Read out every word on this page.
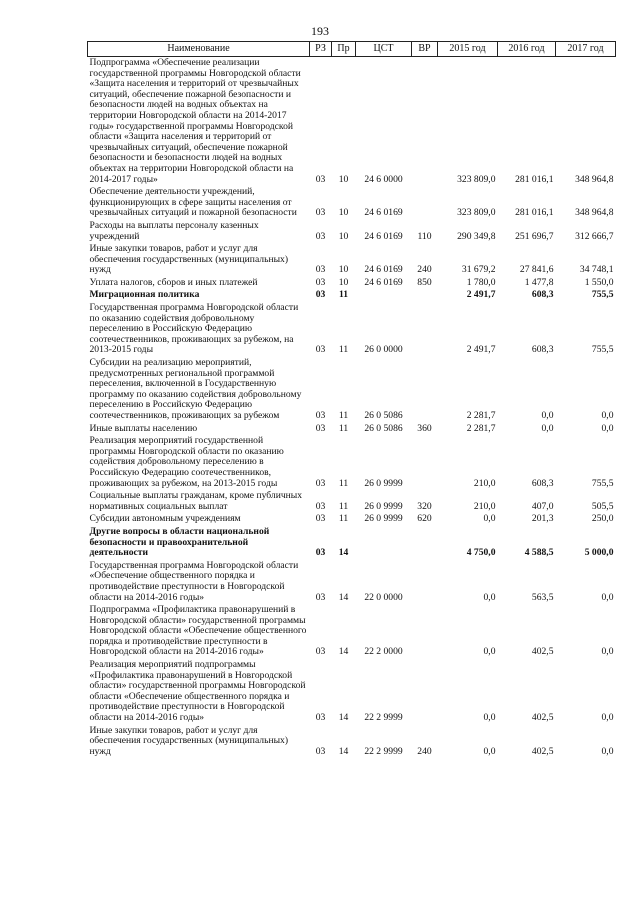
193
Наименование	РЗ	Пр	ЦСТ	ВР	2015 год	2016 год	2017 год
Подпрограмма «Обеспечение реализации государственной программы Новгородской области «Защита населения и территорий от чрезвычайных ситуаций, обеспечение пожарной безопасности и безопасности людей на водных объектах на территории Новгородской области на 2014-2017 годы» государственной программы Новгородской области «Защита населения и территорий от чрезвычайных ситуаций, обеспечение пожарной безопасности и безопасности людей на водных объектах на территории Новгородской области на 2014-2017 годы»	03	10	24 6 0000		323 809,0	281 016,1	348 964,8
Обеспечение деятельности учреждений, функционирующих в сфере защиты населения от чрезвычайных ситуаций и пожарной безопасности	03	10	24 6 0169		323 809,0	281 016,1	348 964,8
Расходы на выплаты персоналу казенных учреждений	03	10	24 6 0169	110	290 349,8	251 696,7	312 666,7
Иные закупки товаров, работ и услуг для обеспечения государственных (муниципальных) нужд	03	10	24 6 0169	240	31 679,2	27 841,6	34 748,1
Уплата налогов, сборов и иных платежей	03	10	24 6 0169	850	1 780,0	1 477,8	1 550,0
Миграционная политика	03	11			2 491,7	608,3	755,5
Государственная программа Новгородской области по оказанию содействия добровольному переселению в Российскую Федерацию соотечественников, проживающих за рубежом, на 2013-2015 годы	03	11	26 0 0000		2 491,7	608,3	755,5
Субсидии на реализацию мероприятий, предусмотренных региональной программой переселения, включенной в Государственную программу по оказанию содействия добровольному переселению в Российскую Федерацию соотечественников, проживающих за рубежом	03	11	26 0 5086		2 281,7	0,0	0,0
Иные выплаты населению	03	11	26 0 5086	360	2 281,7	0,0	0,0
Реализация мероприятий государственной программы Новгородской области по оказанию содействия добровольному переселению в Российскую Федерацию соотечественников, проживающих за рубежом, на 2013-2015 годы	03	11	26 0 9999		210,0	608,3	755,5
Социальные выплаты гражданам, кроме публичных нормативных социальных выплат	03	11	26 0 9999	320	210,0	407,0	505,5
Субсидии автономным учреждениям	03	11	26 0 9999	620	0,0	201,3	250,0
Другие вопросы в области национальной безопасности и правоохранительной деятельности	03	14			4 750,0	4 588,5	5 000,0
Государственная программа Новгородской области «Обеспечение общественного порядка и противодействие преступности в Новгородской области на 2014-2016 годы»	03	14	22 0 0000		0,0	563,5	0,0
Подпрограмма «Профилактика правонарушений в Новгородской области» государственной программы Новгородской области «Обеспечение общественного порядка и противодействие преступности в Новгородской области на 2014-2016 годы»	03	14	22 2 0000		0,0	402,5	0,0
Реализация мероприятий подпрограммы «Профилактика правонарушений в Новгородской области» государственной программы Новгородской области «Обеспечение общественного порядка и противодействие преступности в Новгородской области на 2014-2016 годы»	03	14	22 2 9999		0,0	402,5	0,0
Иные закупки товаров, работ и услуг для обеспечения государственных (муниципальных) нужд	03	14	22 2 9999	240	0,0	402,5	0,0
